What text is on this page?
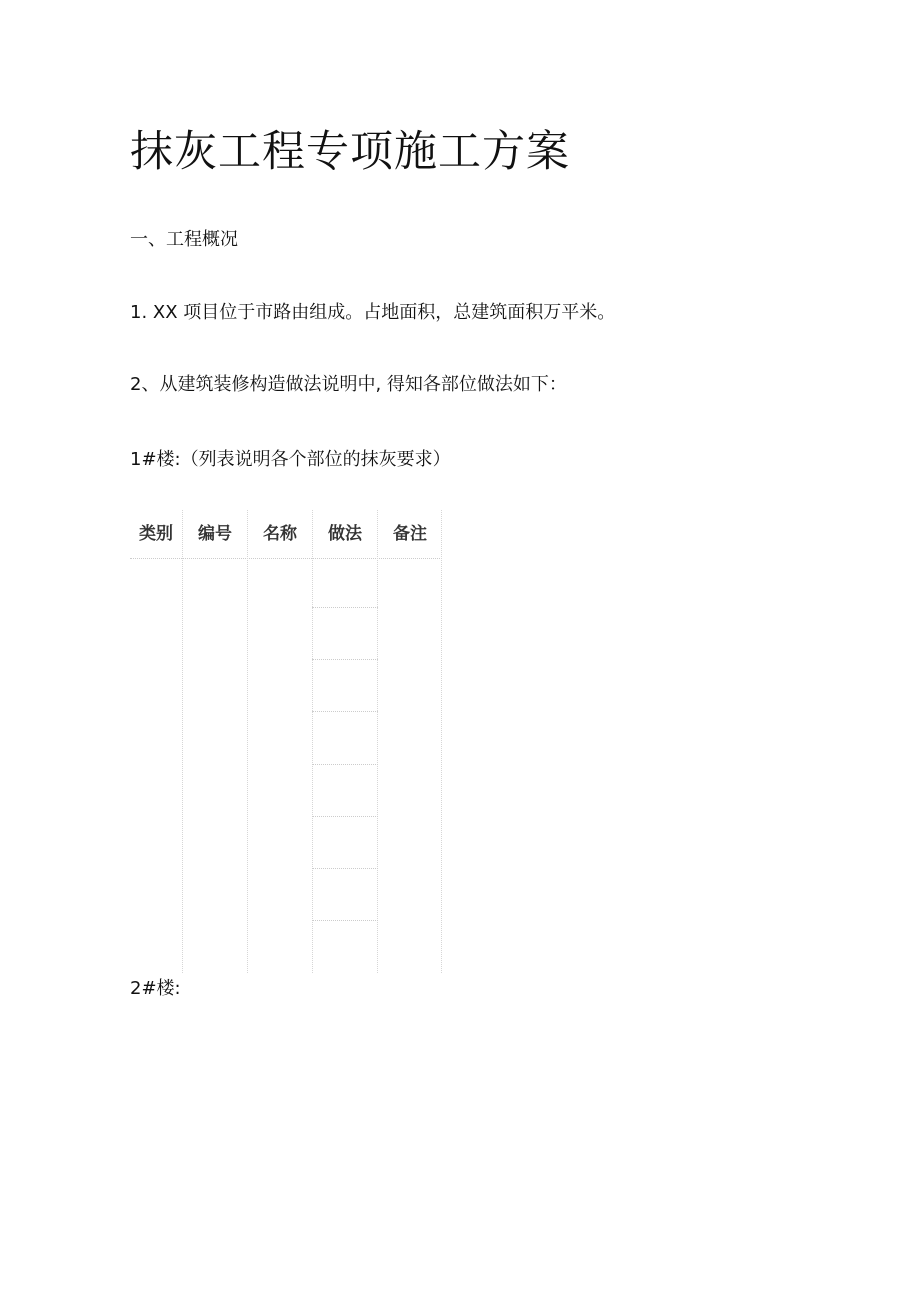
抹灰工程专项施工方案

一、工程概况

1. XX 项目位于市路由组成。占地面积，总建筑面积万平米。

2、从建筑装修构造做法说明中, 得知各部位做法如下：

1#楼:（列表说明各个部位的抹灰要求）

类别	编号	名称	做法	备注

2#楼:
